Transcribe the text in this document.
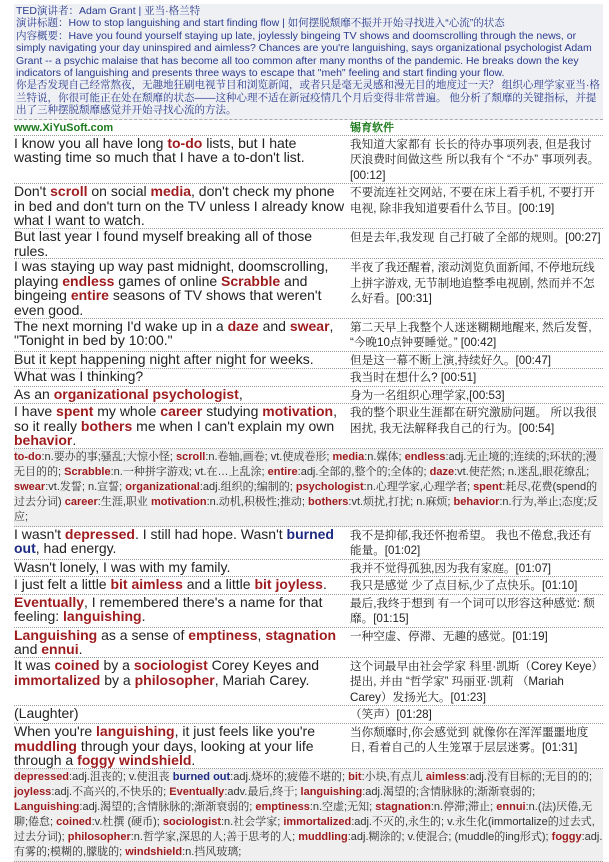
TED演讲者：Adam Grant | 亚当·格兰特
演讲标题：How to stop languishing and start finding flow | 如何摆脱颓靡不振并开始寻找进入“心流”的状态
内容概要：Have you found yourself staying up late, joylessly bingeing TV shows and doomscrolling through the news, or simply navigating your day uninspired and aimless? Chances are you're languishing, says organizational psychologist Adam Grant -- a psychic malaise that has become all too common after many months of the pandemic. He breaks down the key indicators of languishing and presents three ways to escape that "meh" feeling and start finding your flow.
你是否发现自己经常熬夜，无趣地狂刷电视节目和浏览新闻，或者只是毫无灵感和漫无目的地度过一天？ 组织心理学家亚当·格兰特说，你很可能正在处在颓靡的状态——这种心理不适在新冠疫情几个月后变得非常普遍。 他分析了颓靡的关键指标，并提出了三种摆脱颓靡感觉并开始寻找心流的方法。
www.XiYuSoft.com	锡育软件
I know you all have long to-do lists, but I hate wasting time so much that I have a to-don't list.
我知道大家都有 长长的待办事项列表, 但是我讨厌浪费时间做这些 所以我有个 “不办” 事项列表。[00:12]
Don't scroll on social media, don't check my phone in bed and don't turn on the TV unless I already know what I want to watch.
不要流连社交网站, 不要在床上看手机, 不要打开电视, 除非我知道要看什么节目。[00:19]
But last year I found myself breaking all of those rules.
但是去年,我发现 自己打破了全部的规则。[00:27]
I was staying up way past midnight, doomscrolling, playing endless games of online Scrabble and bingeing entire seasons of TV shows that weren't even good.
半夜了我还醒着, 滚动浏览负面新闻, 不停地玩线上拼字游戏, 无节制地追整季电视剧, 然而并不怎么好看。[00:31]
The next morning I'd wake up in a daze and swear, "Tonight in bed by 10:00."
第二天早上我整个人迷迷糊糊地醒来, 然后发誓, “今晚10点钟要睡觉。” [00:42]
But it kept happening night after night for weeks.	但是这一幕不断上演,持续好久。[00:47]
What was I thinking?	我当时在想什么? [00:51]
As an organizational psychologist,	身为一名组织心理学家,[00:53]
I have spent my whole career studying motivation, so it really bothers me when I can't explain my own behavior.
我的整个职业生涯都在研究激励问题。 所以我很困扰, 我无法解释我自己的行为。[00:54]
to-do:n.要办的事;骚乱;大惊小怪; scroll:n.卷轴,画卷; vt.使成卷形; media:n.媒体; endless:adj.无止境的;连续的;环状的;漫无目的的; Scrabble:n.一种拼字游戏; vt.在…上乱涂; entire:adj.全部的,整个的;全体的; daze:vt.使茫然; n.迷乱,眼花缭乱; swear:vt.发誓; n.宣誓; organizational:adj.组织的;编制的; psychologist:n.心理学家,心理学者; spent:耗尽,花费(spend的过去分词) career:生涯,职业 motivation:n.动机,积极性;推动; bothers:vt.烦扰,打扰; n.麻烦; behavior:n.行为,举止;态度;反应;
I wasn't depressed. I still had hope. Wasn't burned out, had energy.
我不是抑郁,我还怀抱希望。 我也不倦怠,我还有能量。[01:02]
Wasn't lonely, I was with my family.	我并不觉得孤独,因为我有家庭。[01:07]
I just felt a little bit aimless and a little bit joyless.	我只是感觉 少了点目标,少了点快乐。[01:10]
Eventually, I remembered there's a name for that feeling: languishing.
最后,我终于想到 有一个词可以形容这种感觉: 颓靡。[01:15]
Languishing as a sense of emptiness, stagnation and ennui.
一种空虚、停滞、无趣的感觉。[01:19]
It was coined by a sociologist Corey Keyes and immortalized by a philosopher, Mariah Carey.
这个词最早由社会学家 科里·凯斯（Corey Keye）提出, 并由 “哲学家” 玛丽亚·凯莉 （Mariah Carey）发扬光大。[01:23]
(Laughter)	（笑声）[01:28]
When you're languishing, it just feels like you're muddling through your days, looking at your life through a foggy windshield.
当你颓靡时,你会感觉到 就像你在浑浑噩噩地度日, 看着自己的人生笼罩于层层迷雾。[01:31]
depressed:adj.沮丧的; v.使沮丧 burned out:adj.烧坏的;疲倦不堪的; bit:小块,有点儿 aimless:adj.没有目标的;无目的的; joyless:adj.不高兴的,不快乐的; Eventually:adv.最后,终于; languishing:adj.渴望的;含情脉脉的;渐渐衰弱的; Languishing:adj.渴望的;含情脉脉的;渐渐衰弱的; emptiness:n.空虚;无知; stagnation:n.停滞;滞止; ennui:n.(法)厌倦,无聊;倦怠; coined:v.杜撰 (硬币); sociologist:n.社会学家; immortalized:adj.不灭的,永生的; v.永生化(immortalize的过去式,过去分词); philosopher:n.哲学家,深思的人;善于思考的人; muddling:adj.糊涂的; v.使混合; (muddle的ing形式); foggy:adj.有雾的;模糊的,朦胧的; windshield:n.挡风玻璃;
